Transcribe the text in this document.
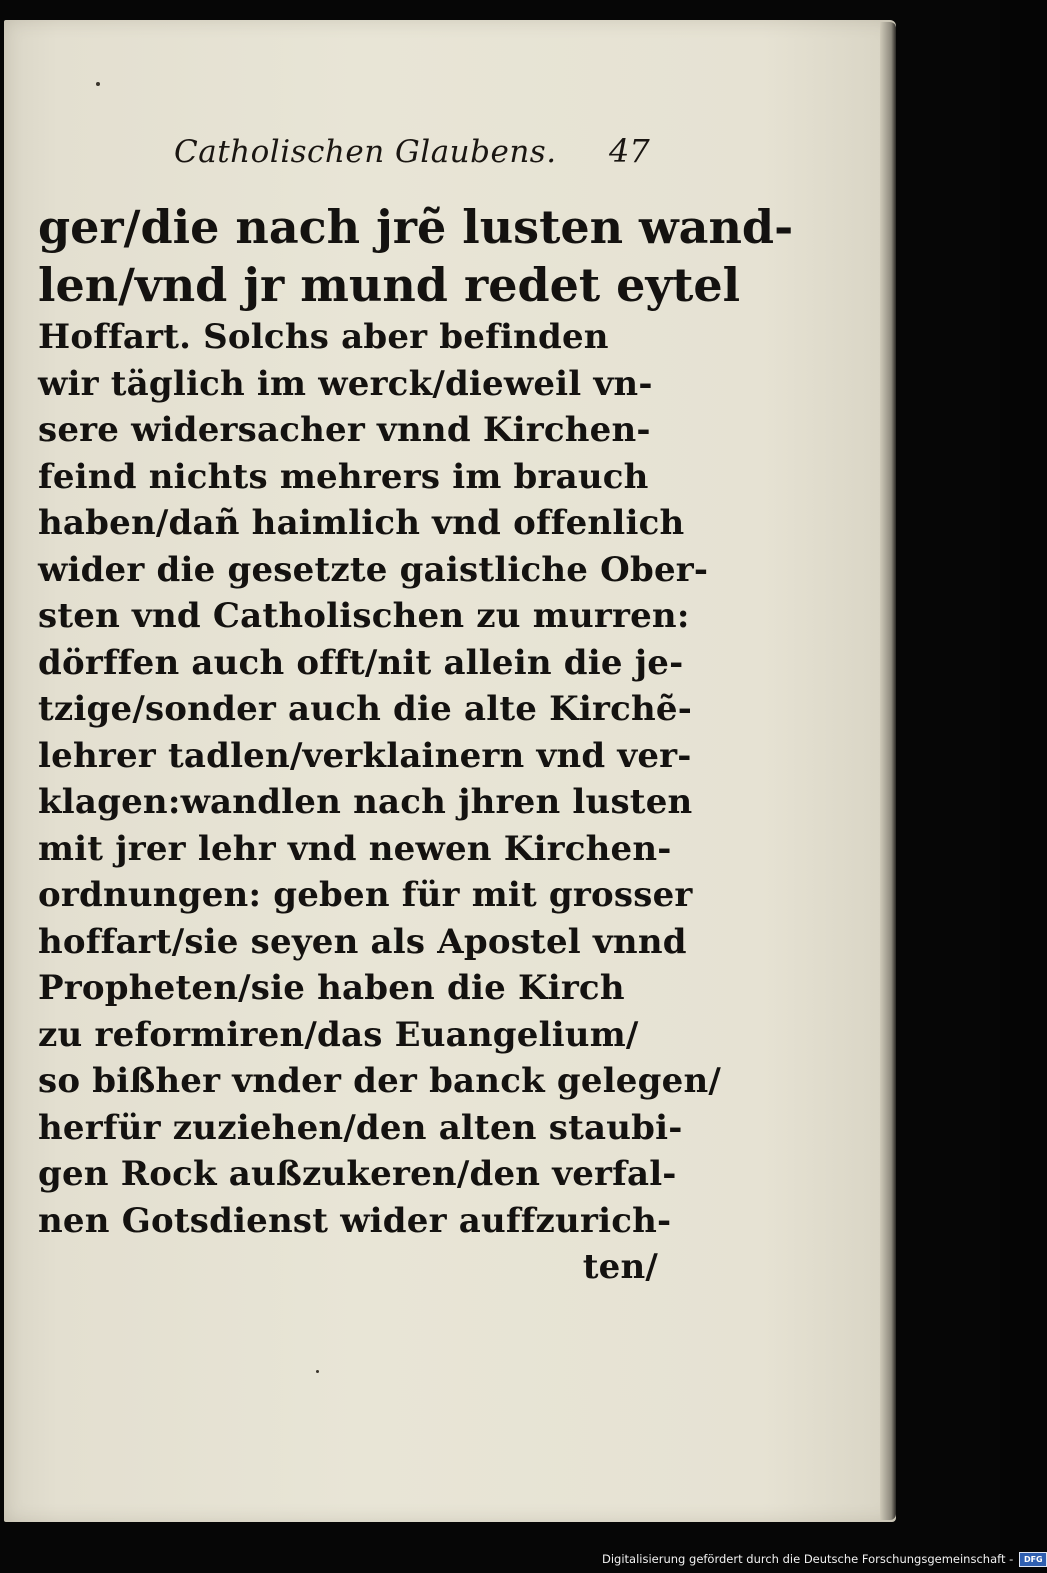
Catholischen Glaubens. 47
ger/die nach jrẽ lusten wand-
len/vnd jr mund redet eytel
Hoffart. Solchs aber befinden
wir täglich im werck/dieweil vn-
sere widersacher vnnd Kirchen-
feind nichts mehrers im brauch
haben/dañ haimlich vnd offenlich
wider die gesetzte gaistliche Ober-
sten vnd Catholischen zu murren:
dörffen auch offt/nit allein die je-
tzige/sonder auch die alte Kirchẽ-
lehrer tadlen/verklainern vnd ver-
klagen:wandlen nach jhren lusten
mit jrer lehr vnd newen Kirchen-
ordnungen: geben für mit grosser
hoffart/sie seyen als Apostel vnnd
Propheten/sie haben die Kirch
zu reformiren/das Euangelium/
so bißher vnder der banck gelegen/
herfür zuziehen/den alten staubi-
gen Rock außzukeren/den verfal-
nen Gotsdienst wider auffzurich-
ten/
Digitalisierung gefördert durch die Deutsche Forschungsgemeinschaft -	DFG
